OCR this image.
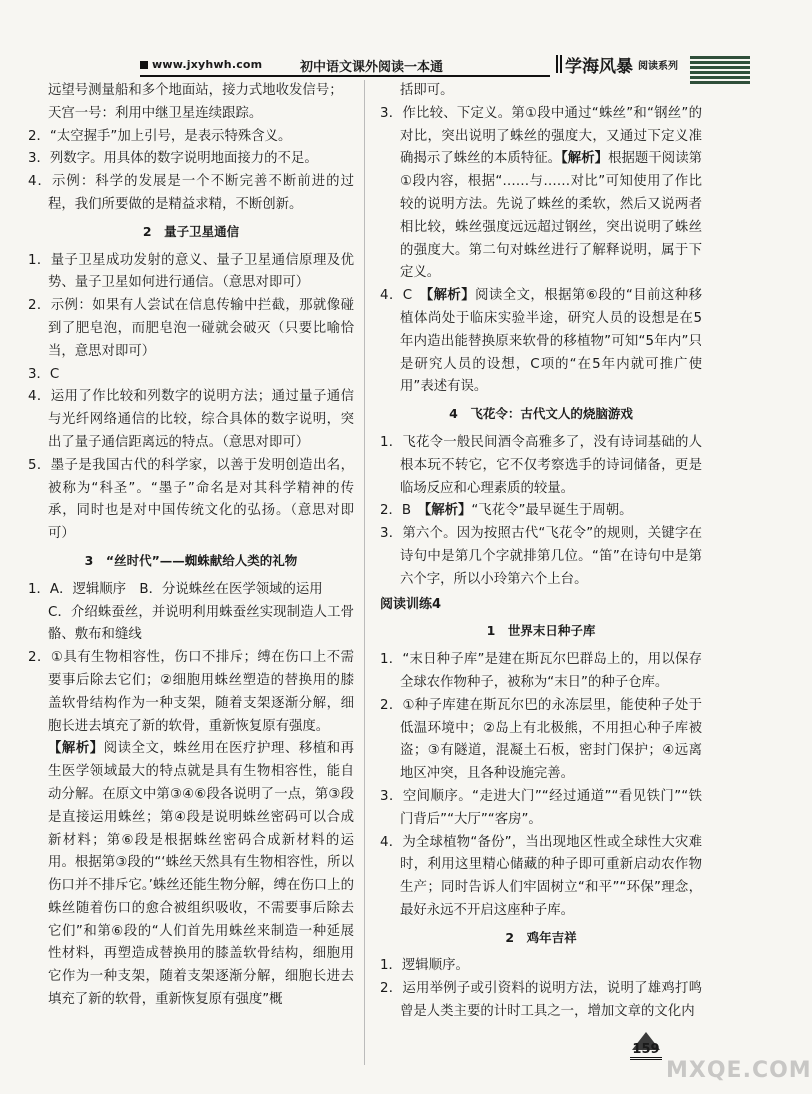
www.jxyhwh.com	初中语文课外阅读一本通	学海风暴 阅读系列

远望号测量船和多个地面站，接力式地收发信号；

天宫一号：利用中继卫星连续跟踪。

2．“太空握手”加上引号，是表示特殊含义。

3．列数字。用具体的数字说明地面接力的不足。

4．示例：科学的发展是一个不断完善不断前进的过程，我们所要做的是精益求精，不断创新。

2　量子卫星通信

1．量子卫星成功发射的意义、量子卫星通信原理及优势、量子卫星如何进行通信。（意思对即可）

2．示例：如果有人尝试在信息传输中拦截，那就像碰到了肥皂泡，而肥皂泡一碰就会破灭（只要比喻恰当，意思对即可）

3．C

4．运用了作比较和列数字的说明方法；通过量子通信与光纤网络通信的比较，综合具体的数字说明，突出了量子通信距离远的特点。（意思对即可）

5．墨子是我国古代的科学家，以善于发明创造出名，被称为“科圣”。“墨子”命名是对其科学精神的传承，同时也是对中国传统文化的弘扬。（意思对即可）

3　“丝时代”——蜘蛛献给人类的礼物

1．A．逻辑顺序　B．分说蛛丝在医学领域的运用

C．介绍蛛蚕丝，并说明利用蛛蚕丝实现制造人工骨骼、敷布和缝线

2．①具有生物相容性，伤口不排斥；缚在伤口上不需要事后除去它们；②细胞用蛛丝塑造的替换用的膝盖软骨结构作为一种支架，随着支架逐渐分解，细胞长进去填充了新的软骨，重新恢复原有强度。

【解析】阅读全文，蛛丝用在医疗护理、移植和再生医学领域最大的特点就是具有生物相容性，能自动分解。在原文中第③④⑥段各说明了一点，第③段是直接运用蛛丝；第④段是说明蛛丝密码可以合成新材料；第⑥段是根据蛛丝密码合成新材料的运用。根据第③段的“‘蛛丝天然具有生物相容性，所以伤口并不排斥它。’蛛丝还能生物分解，缚在伤口上的蛛丝随着伤口的愈合被组织吸收，不需要事后除去它们”和第⑥段的“人们首先用蛛丝来制造一种延展性材料，再塑造成替换用的膝盖软骨结构，细胞用它作为一种支架，随着支架逐渐分解，细胞长进去填充了新的软骨，重新恢复原有强度”概

括即可。

3．作比较、下定义。第①段中通过“蛛丝”和“钢丝”的对比，突出说明了蛛丝的强度大，又通过下定义准确揭示了蛛丝的本质特征。【解析】根据题干阅读第①段内容，根据“……与……对比”可知使用了作比较的说明方法。先说了蛛丝的柔软，然后又说两者相比较，蛛丝强度远远超过钢丝，突出说明了蛛丝的强度大。第二句对蛛丝进行了解释说明，属于下定义。

4．C　【解析】阅读全文，根据第⑥段的“目前这种移植体尚处于临床实验半途，研究人员的设想是在5年内造出能替换原来软骨的移植物”可知“5年内”只是研究人员的设想，C项的“在5年内就可推广使用”表述有误。

4　飞花令：古代文人的烧脑游戏

1．飞花令一般民间酒令高雅多了，没有诗词基础的人根本玩不转它，它不仅考察选手的诗词储备，更是临场反应和心理素质的较量。

2．B　【解析】“飞花令”最早诞生于周朝。

3．第六个。因为按照古代“飞花令”的规则，关键字在诗句中是第几个字就排第几位。“笛”在诗句中是第六个字，所以小玲第六个上台。

阅读训练4
1　世界末日种子库

1．“末日种子库”是建在斯瓦尔巴群岛上的，用以保存全球农作物种子，被称为“末日”的种子仓库。

2．①种子库建在斯瓦尔巴的永冻层里，能使种子处于低温环境中；②岛上有北极熊，不用担心种子库被盗；③有隧道，混凝土石板，密封门保护；④远离地区冲突，且各种设施完善。

3．空间顺序。“走进大门”“经过通道”“看见铁门”“铁门背后”“大厅”“客房”。

4．为全球植物“备份”，当出现地区性或全球性大灾难时，利用这里精心储藏的种子即可重新启动农作物生产；同时告诉人们牢固树立“和平”“环保”理念，最好永远不开启这座种子库。

2　鸡年吉祥

1．逻辑顺序。

2．运用举例子或引资料的说明方法，说明了雄鸡打鸣曾是人类主要的计时工具之一，增加文章的文化内

159
MXQE.COM
